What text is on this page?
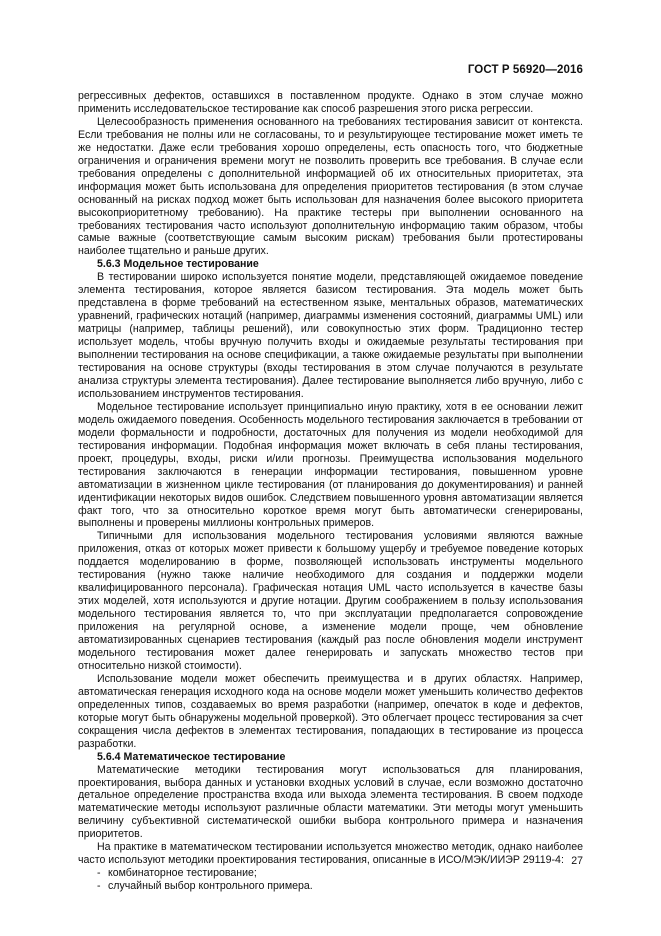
ГОСТ Р 56920—2016

регрессивных дефектов, оставшихся в поставленном продукте. Однако в этом случае можно применить исследовательское тестирование как способ разрешения этого риска регрессии.

Целесообразность применения основанного на требованиях тестирования зависит от контекста. Если требования не полны или не согласованы, то и результирующее тестирование может иметь те же недостатки. Даже если требования хорошо определены, есть опасность того, что бюджетные ограничения и ограничения времени могут не позволить проверить все требования. В случае если требования определены с дополнительной информацией об их относительных приоритетах, эта информация может быть использована для определения приоритетов тестирования (в этом случае основанный на рисках подход может быть использован для назначения более высокого приоритета высокоприоритетному требованию). На практике тестеры при выполнении основанного на требованиях тестирования часто используют дополнительную информацию таким образом, чтобы самые важные (соответствующие самым высоким рискам) требования были протестированы наиболее тщательно и раньше других.

5.6.3 Модельное тестирование

В тестировании широко используется понятие модели, представляющей ожидаемое поведение элемента тестирования, которое является базисом тестирования. Эта модель может быть представлена в форме требований на естественном языке, ментальных образов, математических уравнений, графических нотаций (например, диаграммы изменения состояний, диаграммы UML) или матрицы (например, таблицы решений), или совокупностью этих форм. Традиционно тестер использует модель, чтобы вручную получить входы и ожидаемые результаты тестирования при выполнении тестирования на основе спецификации, а также ожидаемые результаты при выполнении тестирования на основе структуры (входы тестирования в этом случае получаются в результате анализа структуры элемента тестирования). Далее тестирование выполняется либо вручную, либо с использованием инструментов тестирования.

Модельное тестирование использует принципиально иную практику, хотя в ее основании лежит модель ожидаемого поведения. Особенность модельного тестирования заключается в требовании от модели формальности и подробности, достаточных для получения из модели необходимой для тестирования информации. Подобная информация может включать в себя планы тестирования, проект, процедуры, входы, риски и/или прогнозы. Преимущества использования модельного тестирования заключаются в генерации информации тестирования, повышенном уровне автоматизации в жизненном цикле тестирования (от планирования до документирования) и ранней идентификации некоторых видов ошибок. Следствием повышенного уровня автоматизации является факт того, что за относительно короткое время могут быть автоматически сгенерированы, выполнены и проверены миллионы контрольных примеров.

Типичными для использования модельного тестирования условиями являются важные приложения, отказ от которых может привести к большому ущербу и требуемое поведение которых поддается моделированию в форме, позволяющей использовать инструменты модельного тестирования (нужно также наличие необходимого для создания и поддержки модели квалифицированного персонала). Графическая нотация UML часто используется в качестве базы этих моделей, хотя используются и другие нотации. Другим соображением в пользу использования модельного тестирования является то, что при эксплуатации предполагается сопровождение приложения на регулярной основе, а изменение модели проще, чем обновление автоматизированных сценариев тестирования (каждый раз после обновления модели инструмент модельного тестирования может далее генерировать и запускать множество тестов при относительно низкой стоимости).

Использование модели может обеспечить преимущества и в других областях. Например, автоматическая генерация исходного кода на основе модели может уменьшить количество дефектов определенных типов, создаваемых во время разработки (например, опечаток в коде и дефектов, которые могут быть обнаружены модельной проверкой). Это облегчает процесс тестирования за счет сокращения числа дефектов в элементах тестирования, попадающих в тестирование из процесса разработки.

5.6.4 Математическое тестирование

Математические методики тестирования могут использоваться для планирования, проектирования, выбора данных и установки входных условий в случае, если возможно достаточно детальное определение пространства входа или выхода элемента тестирования. В своем подходе математические методы используют различные области математики. Эти методы могут уменьшить величину субъективной систематической ошибки выбора контрольного примера и назначения приоритетов.

На практике в математическом тестировании используется множество методик, однако наиболее часто используют методики проектирования тестирования, описанные в ИСО/МЭК/ИИЭР 29119-4:

- комбинаторное тестирование;
- случайный выбор контрольного примера.
27
